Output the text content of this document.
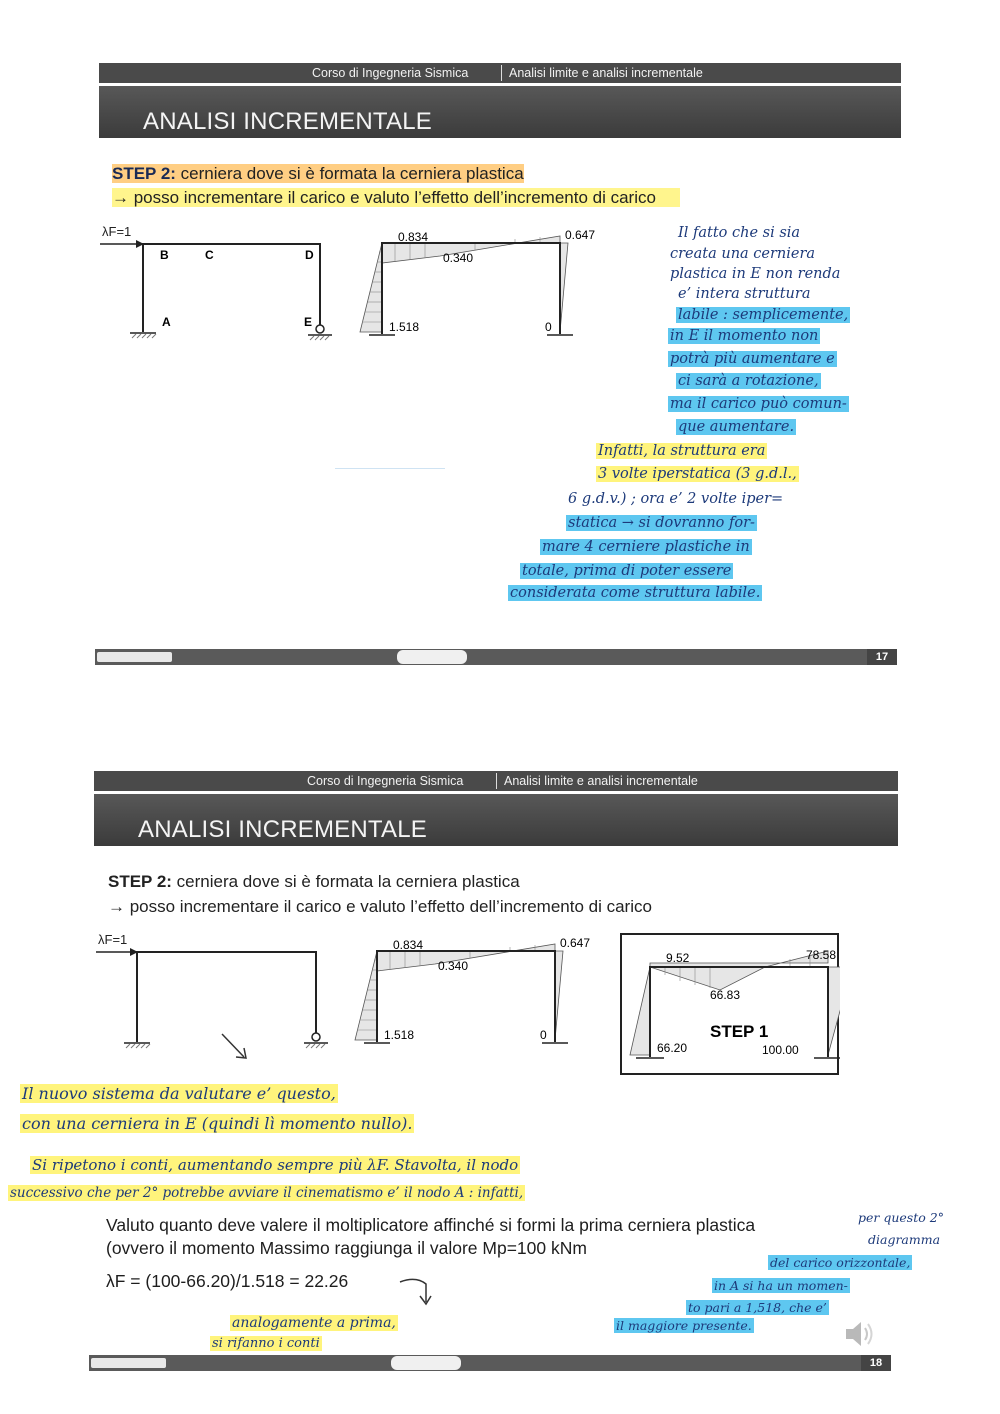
Corso di Ingegneria Sismica	Analisi limite e analisi incrementale
ANALISI INCREMENTALE
STEP 2: cerniera dove si è formata la cerniera plastica
→ posso incrementare il carico e valuto l’effetto dell’incremento di carico
λF=1
B	C	D
A	E
0.834
0.340
0.647
1.518	0
Il fatto che si sia
creata una cerniera
plastica in E non renda
e’ intera struttura
labile : semplicemente,
in E il momento non
potrà più aumentare e
ci sarà a rotazione,
ma il carico può comun-
que aumentare.
Infatti, la struttura era
3 volte iperstatica (3 g.d.l.,
6 g.d.v.) ; ora e’ 2 volte iper=
statica → si dovranno for-
mare 4 cerniere plastiche in
totale, prima di poter essere
considerata come struttura labile.
17
Corso di Ingegneria Sismica	Analisi limite e analisi incrementale
ANALISI INCREMENTALE
STEP 2: cerniera dove si è formata la cerniera plastica
→ posso incrementare il carico e valuto l’effetto dell’incremento di carico
λF=1	0.834
0.340
0.647
1.518	0
9.52	78.58
66.83
STEP 1
66.20	100.00
Il nuovo sistema da valutare e’ questo,
con una cerniera in E (quindi lì momento nullo).
Si ripetono i conti, aumentando sempre più λF. Stavolta, il nodo
successivo che per 2° potrebbe avviare il cinematismo e’ il nodo A : infatti,
Valuto quanto deve valere il moltiplicatore affinché si formi la prima cerniera plastica
(ovvero il momento Massimo raggiunga il valore Mp=100 kNm
λF = (100-66.20)/1.518 = 22.26
per questo 2°
diagramma
del carico orizzontale,
in A si ha un momen-
to pari a 1,518, che e’
il maggiore presente.
analogamente a prima,
si rifanno i conti
18
